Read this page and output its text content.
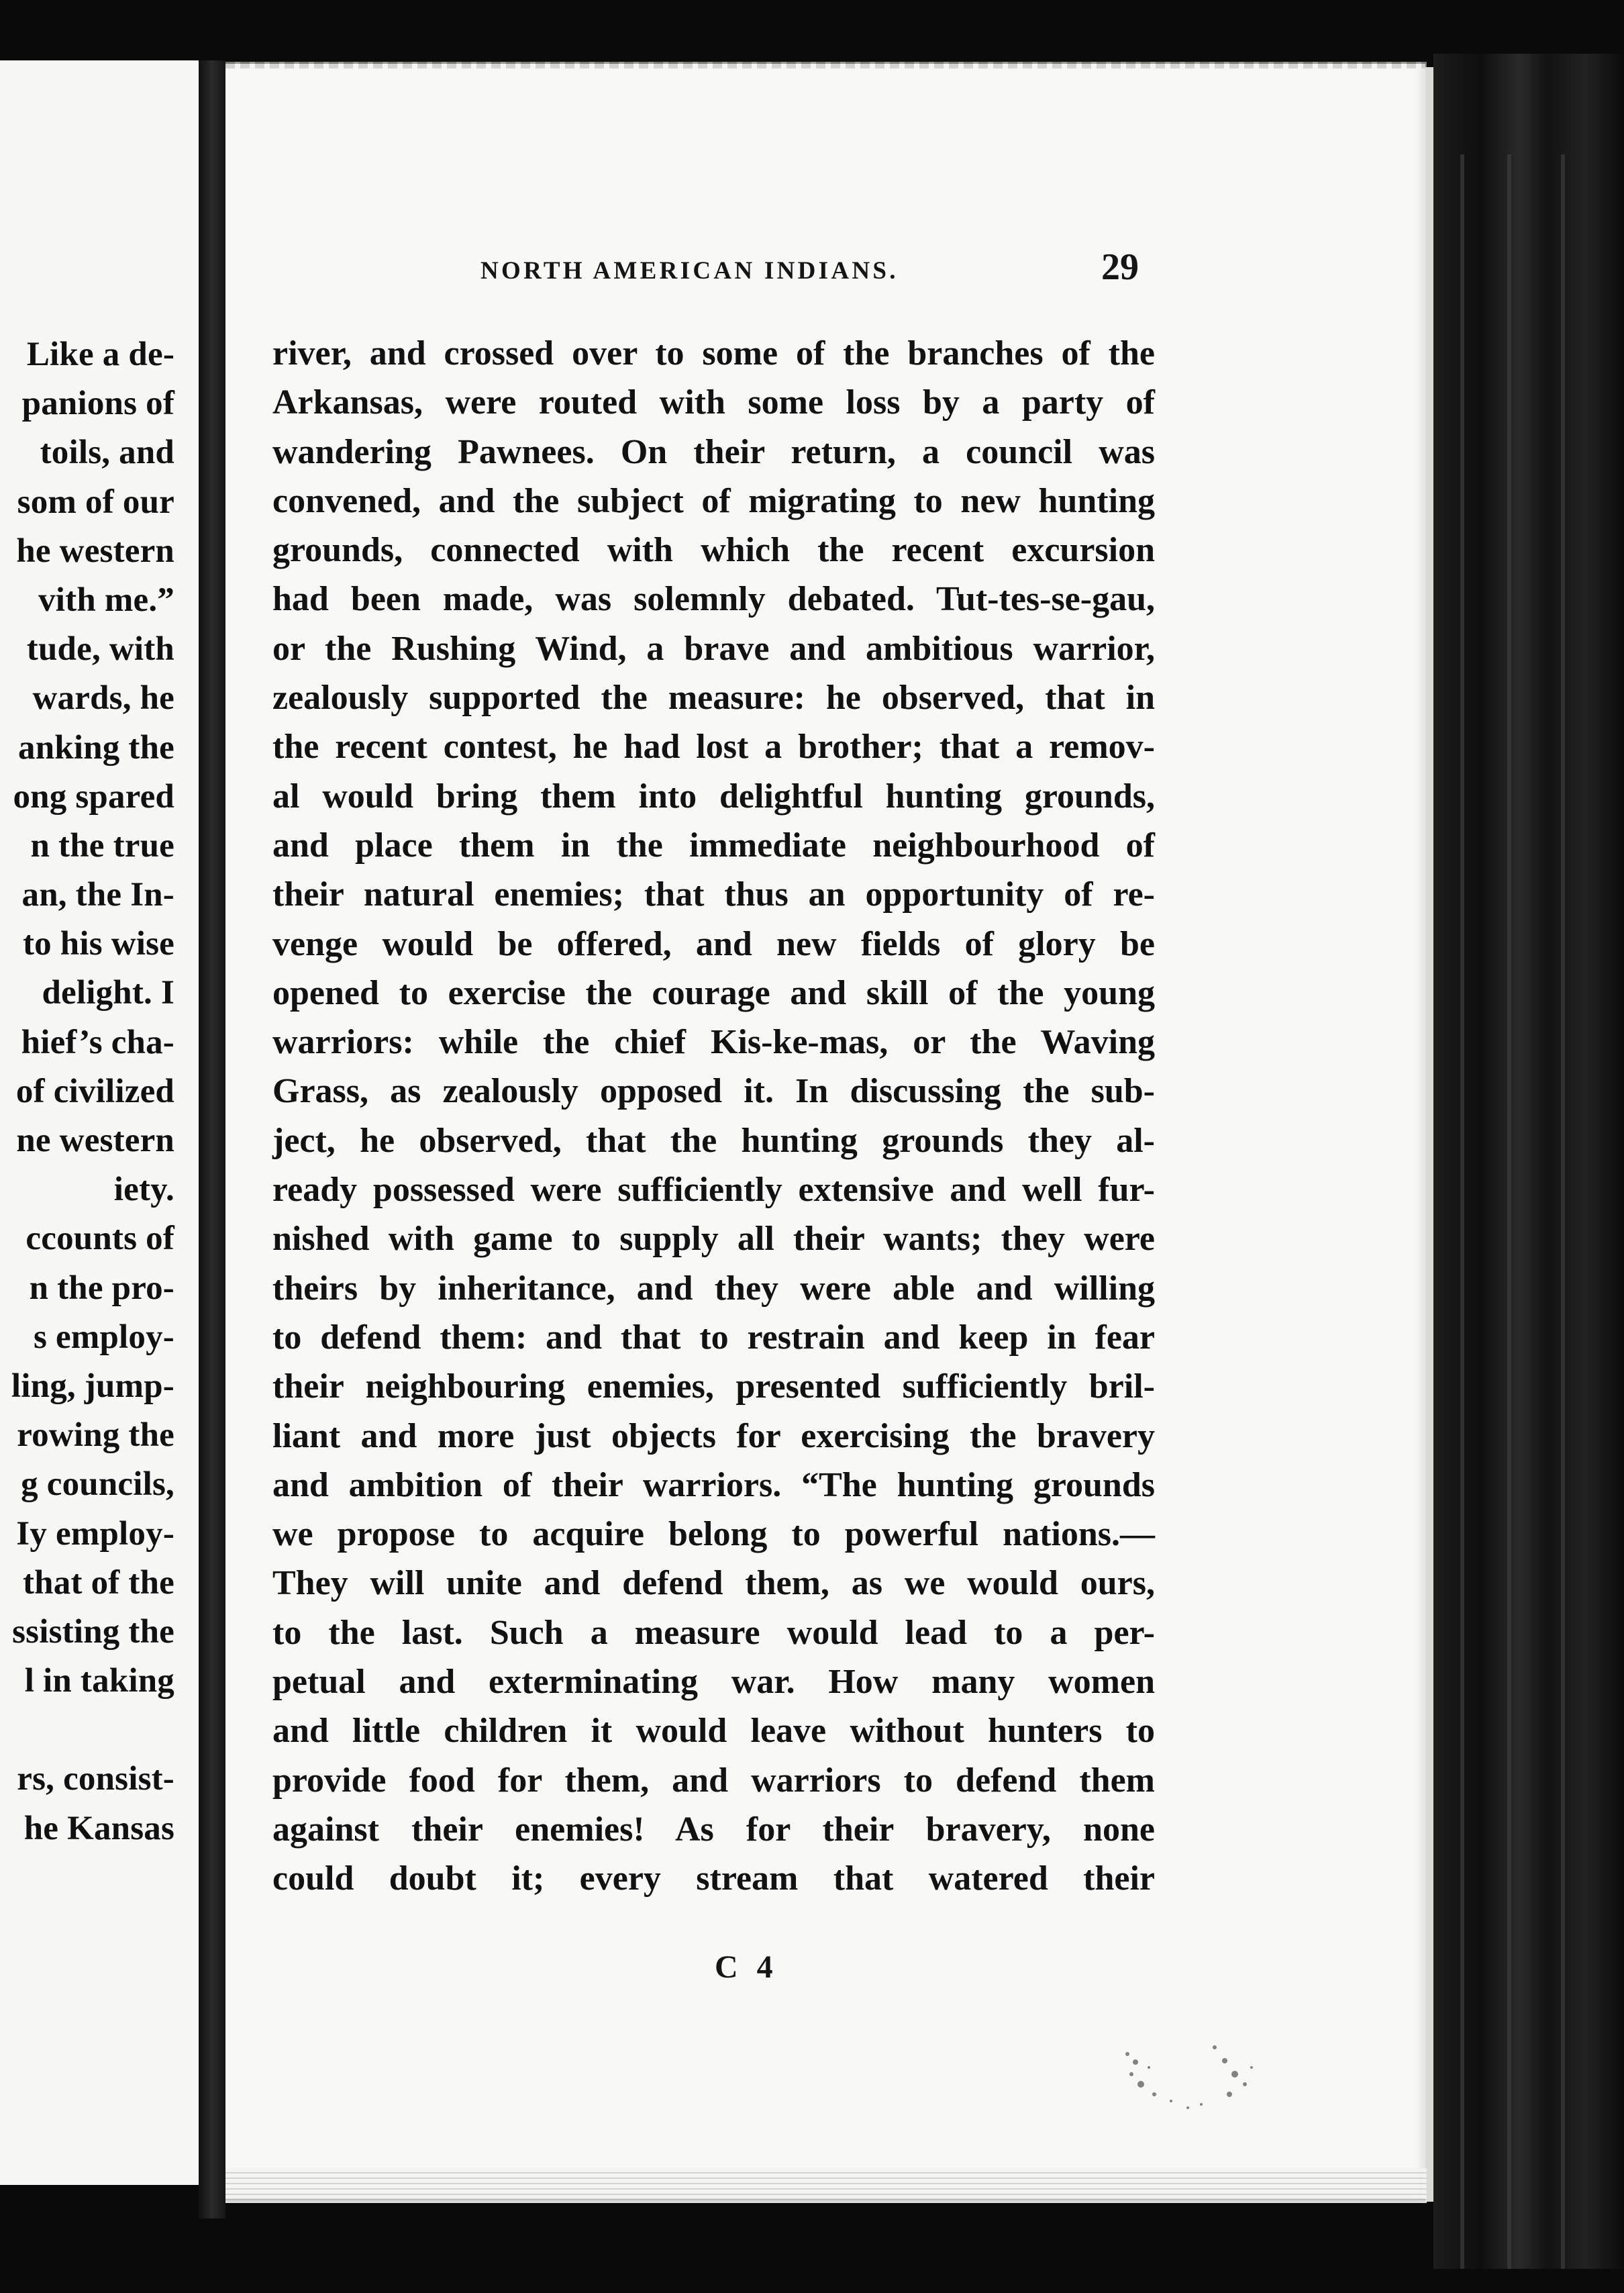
Like a de-
panions of
toils, and
som of our
he western
vith me.”
tude, with
wards, he
anking the
ong spared
n the true
an, the In-
to his wise
delight. I
hief’s cha-
of civilized
ne western
iety.
ccounts of
n the pro-
s employ-
ling, jump-
rowing the
g councils,
Iy employ-
that of the
ssisting the
l in taking
rs, consist-
he Kansas
NORTH AMERICAN INDIANS.	29
river, and crossed over to some of the branches of the
Arkansas, were routed with some loss by a party of
wandering Pawnees. On their return, a council was
convened, and the subject of migrating to new hunting
grounds, connected with which the recent excursion
had been made, was solemnly debated. Tut-tes-se-gau,
or the Rushing Wind, a brave and ambitious warrior,
zealously supported the measure: he observed, that in
the recent contest, he had lost a brother; that a remov-
al would bring them into delightful hunting grounds,
and place them in the immediate neighbourhood of
their natural enemies; that thus an opportunity of re-
venge would be offered, and new fields of glory be
opened to exercise the courage and skill of the young
warriors: while the chief Kis-ke-mas, or the Waving
Grass, as zealously opposed it. In discussing the sub-
ject, he observed, that the hunting grounds they al-
ready possessed were sufficiently extensive and well fur-
nished with game to supply all their wants; they were
theirs by inheritance, and they were able and willing
to defend them: and that to restrain and keep in fear
their neighbouring enemies, presented sufficiently bril-
liant and more just objects for exercising the bravery
and ambition of their warriors. “The hunting grounds
we propose to acquire belong to powerful nations.—
They will unite and defend them, as we would ours,
to the last. Such a measure would lead to a per-
petual and exterminating war. How many women
and little children it would leave without hunters to
provide food for them, and warriors to defend them
against their enemies! As for their bravery, none
could doubt it; every stream that watered their
C 4
